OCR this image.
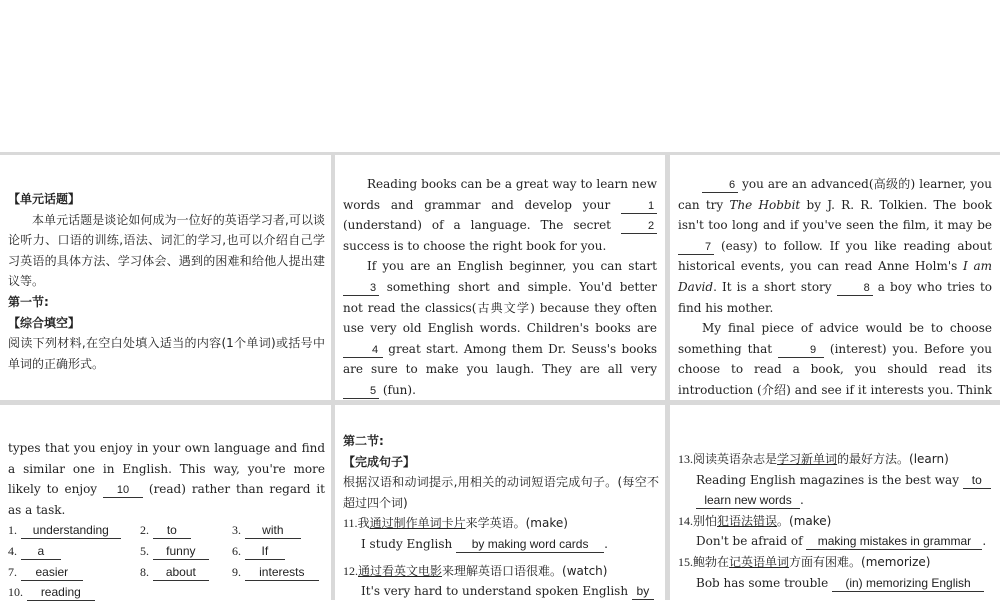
【单元话题】

本单元话题是谈论如何成为一位好的英语学习者,可以谈论听力、口语的训练,语法、词汇的学习,也可以介绍自己学习英语的具体方法、学习体会、遇到的困难和给他人提出建议等。

第一节:

【综合填空】

阅读下列材料,在空白处填入适当的内容(1个单词)或括号中单词的正确形式。

Reading books can be a great way to learn new words and grammar and develop your 1 (understand) of a language. The secret 2 success is to choose the right book for you.

If you are an English beginner, you can start 3 something short and simple. You'd better not read the classics(古典文学) because they often use very old English words. Children's books are 4 great start. Among them Dr. Seuss's books are sure to make you laugh. They are all very 5 (fun).

6 you are an advanced(高级的) learner, you can try The Hobbit by J. R. R. Tolkien. The book isn't too long and if you've seen the film, it may be 7 (easy) to follow. If you like reading about historical events, you can read Anne Holm's I am David. It is a short story 8 a boy who tries to find his mother.

My final piece of advice would be to choose something that	9 (interest) you. Before you choose to read a book, you should read its introduction (介绍) and see if it interests you. Think

types that you enjoy in your own language and find a similar one in English. This way, you're more likely to enjoy 10 (read) rather than regard it as a task.

1. understanding	2. to	3. with
4. a	5. funny	6. If
7. easier	8. about	9. interests
10. reading

第二节:

【完成句子】

根据汉语和动词提示,用相关的动词短语完成句子。(每空不超过四个词)

11.我通过制作单词卡片来学英语。(make)

I study English by making word cards .

12.通过看英文电影来理解英语口语很难。(watch)

It's very hard to understand spoken English by

13.阅读英语杂志是学习新单词的最好方法。(learn)

Reading English magazines is the best way to

learn new words .

14.别怕犯语法错误。(make)

Don't be afraid of making mistakes in grammar .

15.鲍勃在记英语单词方面有困难。(memorize)

Bob has some trouble (in) memorizing English
